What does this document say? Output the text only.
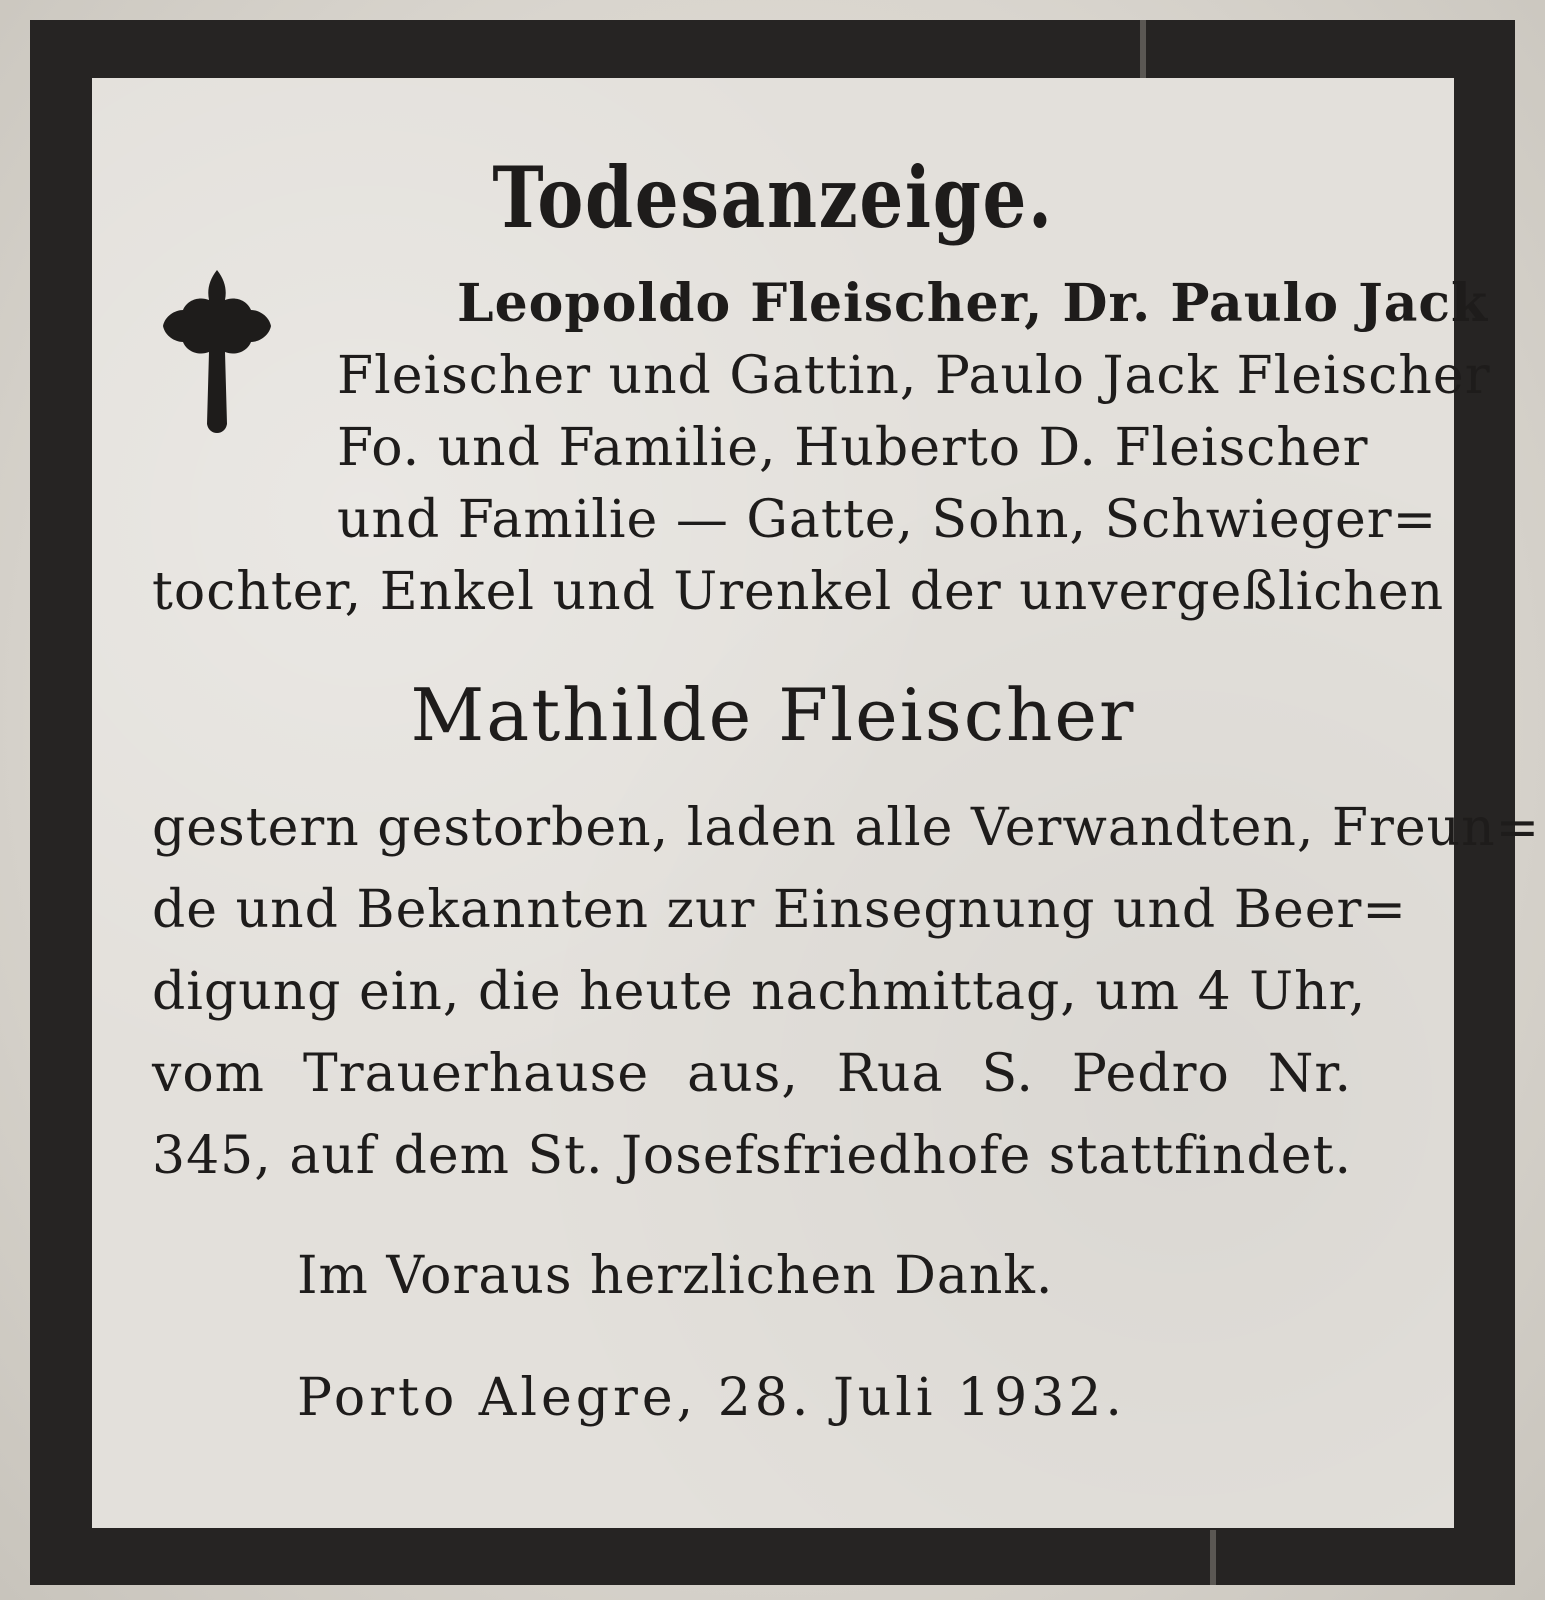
Todesanzeige.
Leopoldo Fleischer, Dr. Paulo Jack
Fleischer und Gattin, Paulo Jack Fleischer
Fo. und Familie, Huberto D. Fleischer
und Familie — Gatte, Sohn, Schwieger=
tochter, Enkel und Urenkel der unvergeßlichen
Mathilde Fleischer
gestern gestorben, laden alle Verwandten, Freun=
de und Bekannten zur Einsegnung und Beer=
digung ein, die heute nachmittag, um 4 Uhr,
vom Trauerhause aus, Rua S. Pedro Nr.
345, auf dem St. Josefsfriedhofe stattfindet.
Im Voraus herzlichen Dank.
Porto Alegre, 28. Juli 1932.
